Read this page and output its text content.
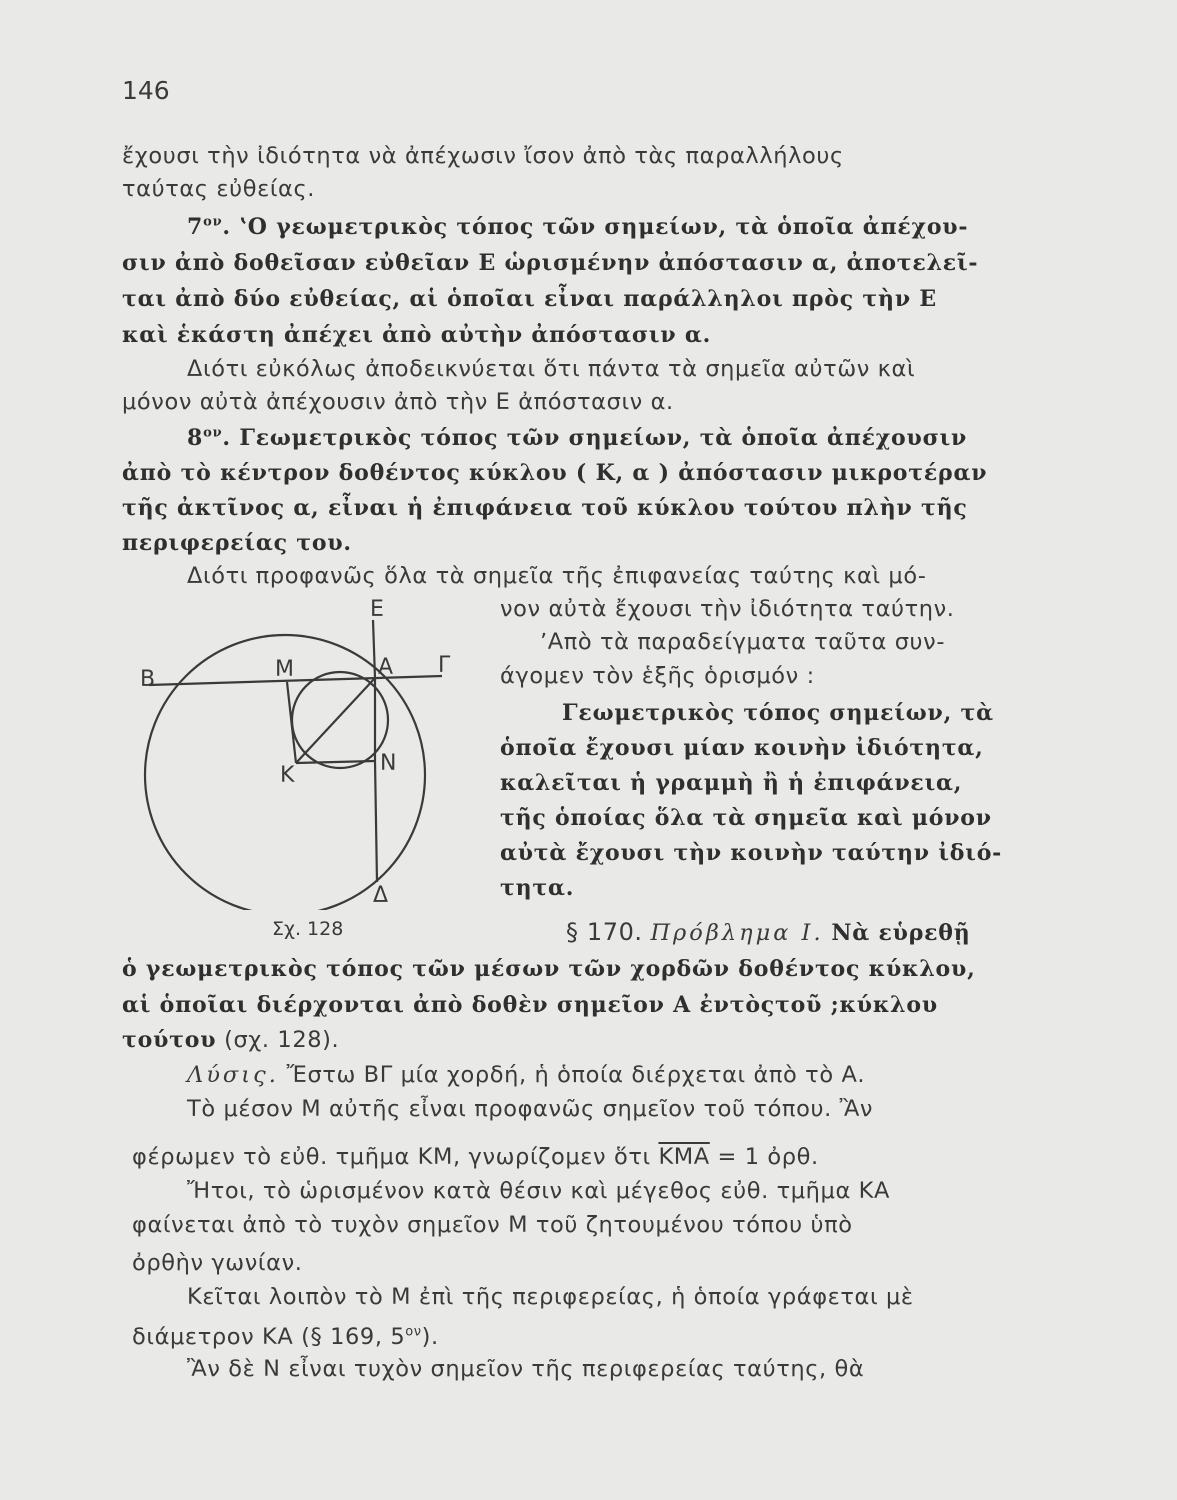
146
ἔχουσι τὴν ἰδιότητα νὰ ἀπέχωσιν ἴσον ἀπὸ τὰς παραλλήλους
ταύτας εὐθείας.
$7^{o\nu}$. ʽΟ γεωμετρικὸς τόπος τῶν σημείων, τὰ ὁποῖα ἀπέχου-
σιν ἀπὸ δοθεῖσαν εὐθεῖαν Ε ὡρισμένην ἀπόστασιν α, ἀποτελεῖ-
ται ἀπὸ δύο εὐθείας, αἱ ὁποῖαι εἶναι παράλληλοι πρὸς τὴν Ε
καὶ ἑκάστη ἀπέχει ἀπὸ αὐτὴν ἀπόστασιν α.
Διότι εὐκόλως ἀποδεικνύεται ὅτι πάντα τὰ σημεῖα αὐτῶν καὶ
μόνον αὐτὰ ἀπέχουσιν ἀπὸ τὴν Ε ἀπόστασιν α.
$8^{o\nu}$. Γεωμετρικὸς τόπος τῶν σημείων, τὰ ὁποῖα ἀπέχουσιν
ἀπὸ τὸ κέντρον δοθέντος κύκλου ( Κ, α ) ἀπόστασιν μικροτέραν
τῆς ἀκτῖνος α, εἶναι ἡ ἐπιφάνεια τοῦ κύκλου τούτου πλὴν τῆς
περιφερείας του.
Διότι προφανῶς ὅλα τὰ σημεῖα τῆς ἐπιφανείας ταύτης καὶ μό-
νον αὐτὰ ἔχουσι τὴν ἰδιότητα ταύτην.
ʼΑπὸ τὰ παραδείγματα ταῦτα συν-
άγομεν τὸν ἑξῆς ὁρισμόν :
Γεωμετρικὸς τόπος σημείων, τὰ
ὁποῖα ἔχουσι μίαν κοινὴν ἰδιότητα,
καλεῖται ἡ γραμμὴ ἢ ἡ ἐπιφάνεια,
τῆς ὁποίας ὅλα τὰ σημεῖα καὶ μόνον
αὐτὰ ἔχουσι τὴν κοινὴν ταύτην ἰδιό-
τητα.
§ 170. Πρόβλημα Ι. Νὰ εὑρεθῇ
ὁ γεωμετρικὸς τόπος τῶν μέσων τῶν χορδῶν δοθέντος κύκλου,
αἱ ὁποῖαι διέρχονται ἀπὸ δοθὲν σημεῖον Α ἐντὸςτοῦ ;κύκλου
τούτου (σχ. 128).
Λύσις. Ἔστω ΒΓ μία χορδή, ἡ ὁποία διέρχεται ἀπὸ τὸ Α.
Τὸ μέσον Μ αὐτῆς εἶναι προφανῶς σημεῖον τοῦ τόπου. Ἂν
φέρωμεν τὸ εὐθ. τμῆμα ΚΜ, γνωρίζομεν ὅτι $\overline{KMA} = 1$ ὀρθ.
Ἤτοι, τὸ ὡρισμένον κατὰ θέσιν καὶ μέγεθος εὐθ. τμῆμα ΚΑ
φαίνεται ἀπὸ τὸ τυχὸν σημεῖον Μ τοῦ ζητουμένου τόπου ὑπὸ
ὀρθὴν γωνίαν.
Κεῖται λοιπὸν τὸ Μ ἐπὶ τῆς περιφερείας, ἡ ὁποία γράφεται μὲ
διάμετρον ΚΑ (§ 169, $5^{o\nu}$).
Ἂν δὲ Ν εἶναι τυχὸν σημεῖον τῆς περιφερείας ταύτης, θὰ
Ε
Β	Μ	Α Γ
Κ	Ν
Δ
Σχ. 128
